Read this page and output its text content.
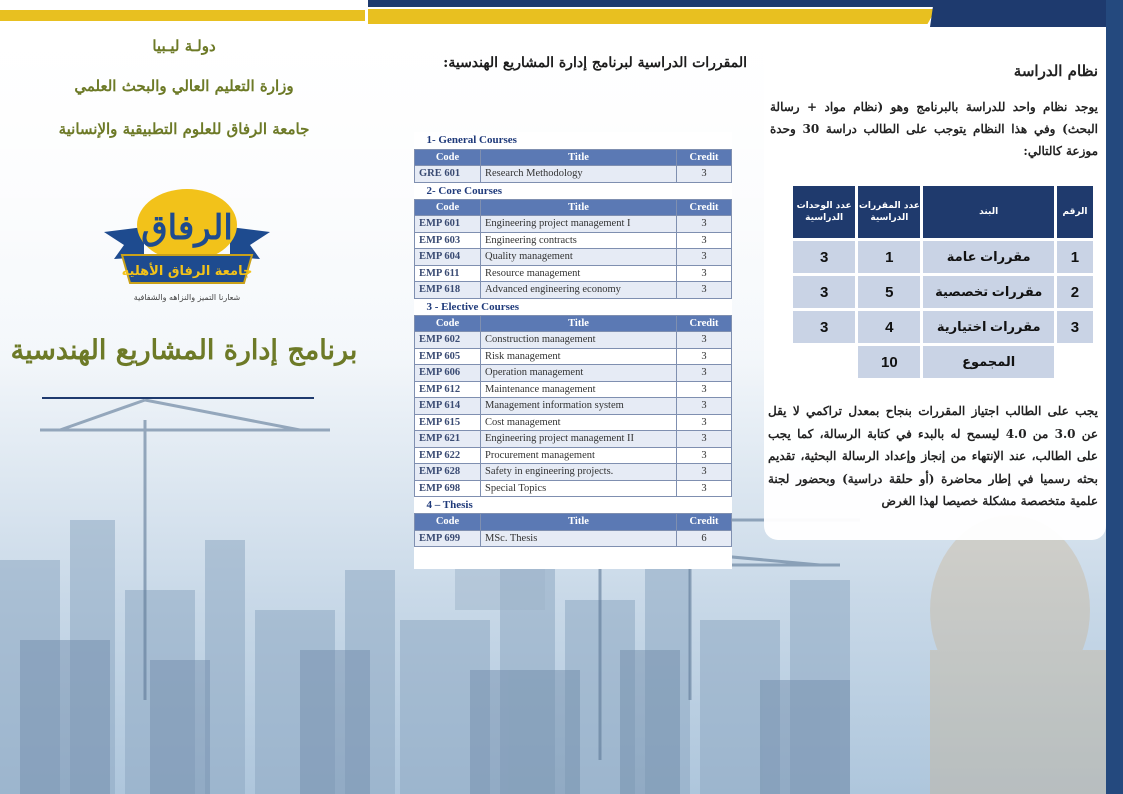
دولـة ليـبيا
وزارة التعليم العالي والبحث العلمي
جامعة الرفاق للعلوم التطبيقية والإنسانية
الرفاق
جامعة الرفاق الأهليه
شعارنا التميز والنزاهه والشفافية
برنامج إدارة المشاريع الهندسية
المقررات الدراسية لبرنامج إدارة المشاريع الهندسية:
1- General Courses		
Code	Title	Credit
GRE 601	Research Methodology	3
2- Core Courses		
Code	Title	Credit
EMP 601	Engineering project management I	3
EMP 603	Engineering contracts	3
EMP 604	Quality management	3
EMP 611	Resource management	3
EMP 618	Advanced engineering economy	3
3 - Elective Courses		
Code	Title	Credit
EMP 602	Construction management	3
EMP 605	Risk management	3
EMP 606	Operation management	3
EMP 612	Maintenance management	3
EMP 614	Management information system	3
EMP 615	Cost management	3
EMP 621	Engineering project management II	3
EMP 622	Procurement management	3
EMP 628	Safety in engineering projects.	3
EMP 698	Special Topics	3
4 – Thesis		
Code	Title	Credit
EMP 699	MSc. Thesis	6
نظام الدراسة
يوجد نظام واحد للدراسة بالبرنامج وهو (نظام مواد + رسالة البحث) وفي هذا النظام يتوجب على الطالب دراسة 30 وحدة موزعة كالتالي:
يجب على الطالب اجتياز المقررات بنجاح بمعدل تراكمي لا يقل عن 3.0 من 4.0 ليسمح له بالبدء في كتابة الرسالة، كما يجب على الطالب، عند الإنتهاء من إنجاز وإعداد الرسالة البحثية، تقديم بحثه رسميا في إطار محاضرة (أو حلقة دراسية) وبحضور لجنة علمية متخصصة مشكلة خصيصا لهذا الغرض
الرقم	البند	عدد المقررات الدراسية	عدد الوحدات الدراسية
1	مقررات عامة	1	3
2	مقررات تخصصية	5	3
3	مقررات اختيارية	4	3
	المجموع	10	
